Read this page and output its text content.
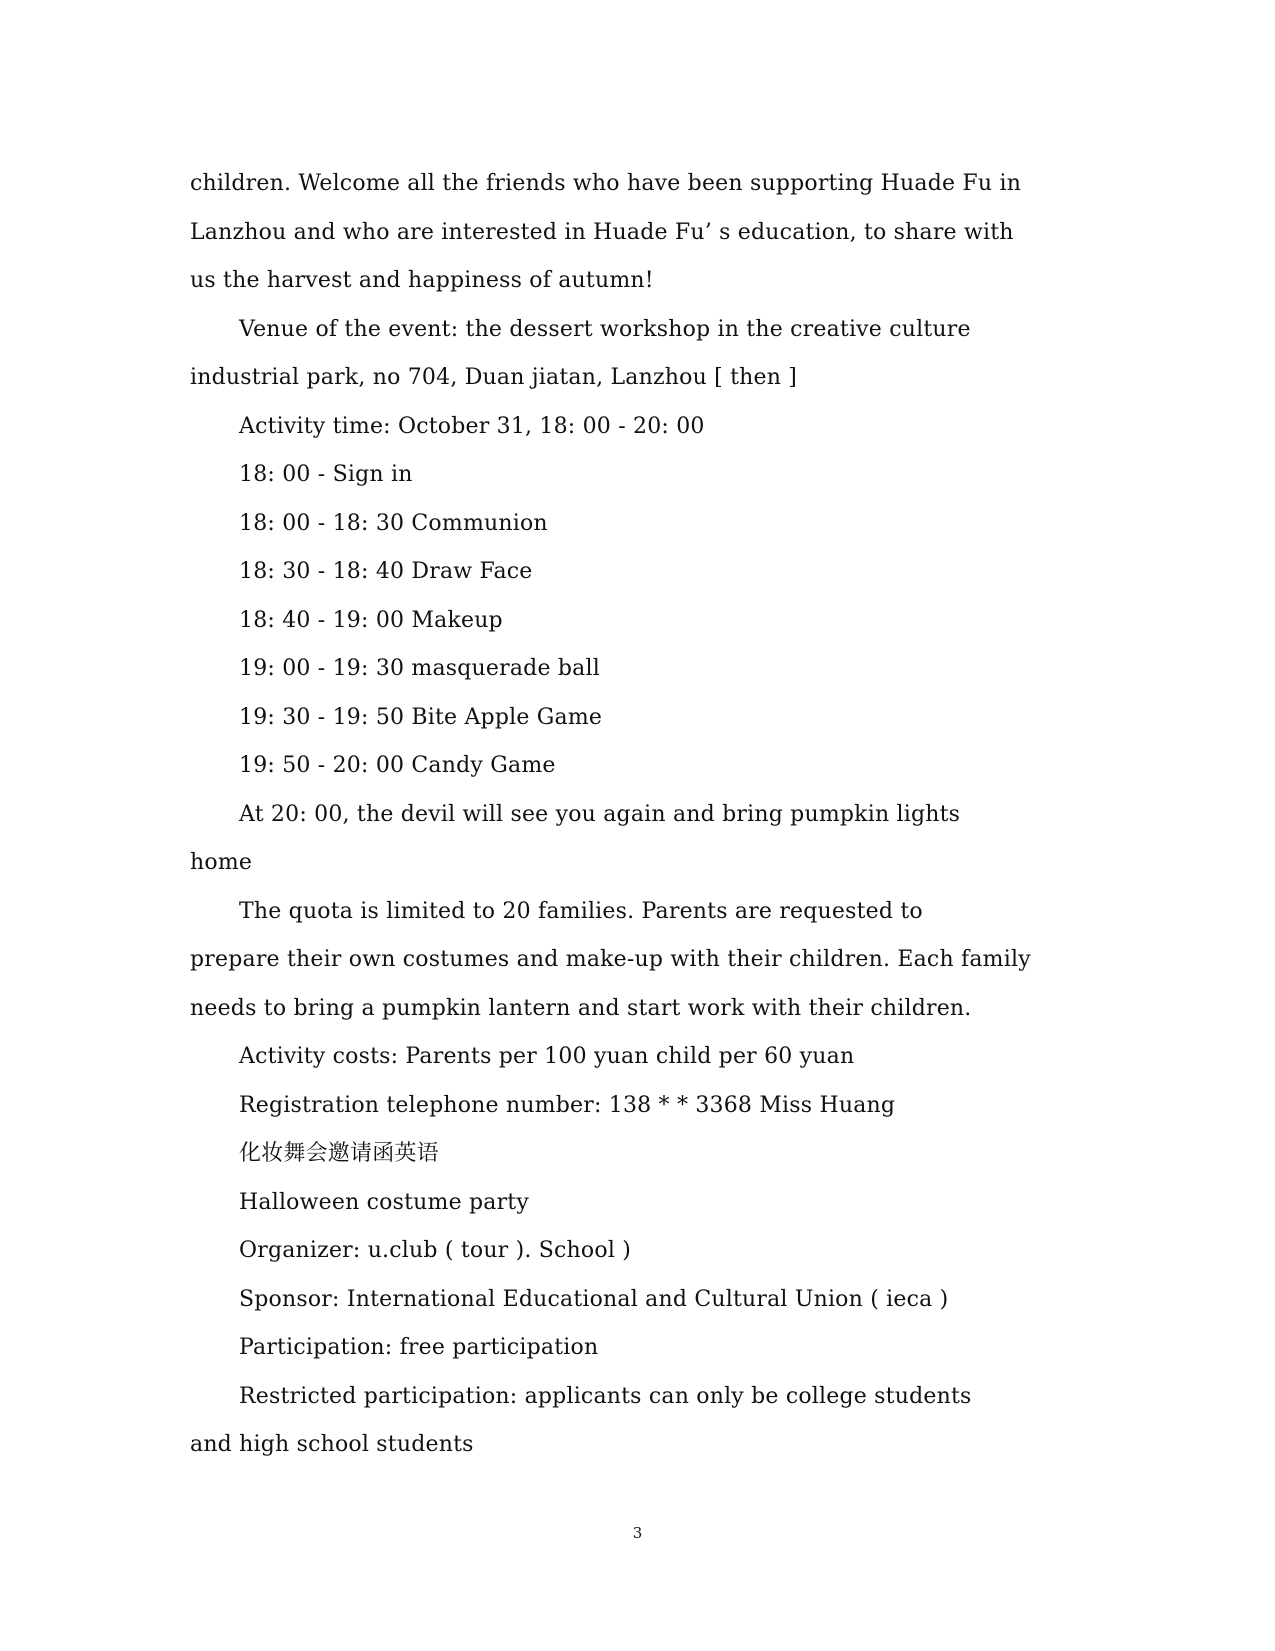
children. Welcome all the friends who have been supporting Huade Fu in
Lanzhou and who are interested in Huade Fu’ s education, to share with
us the harvest and happiness of autumn!
Venue of the event: the dessert workshop in the creative culture
industrial park, no 704, Duan jiatan, Lanzhou [ then ]
Activity time: October 31, 18: 00 - 20: 00
18: 00 - Sign in
18: 00 - 18: 30 Communion
18: 30 - 18: 40 Draw Face
18: 40 - 19: 00 Makeup
19: 00 - 19: 30 masquerade ball
19: 30 - 19: 50 Bite Apple Game
19: 50 - 20: 00 Candy Game
At 20: 00, the devil will see you again and bring pumpkin lights
home
The quota is limited to 20 families. Parents are requested to
prepare their own costumes and make-up with their children. Each family
needs to bring a pumpkin lantern and start work with their children.
Activity costs: Parents per 100 yuan child per 60 yuan
Registration telephone number: 138 * * 3368 Miss Huang
化妆舞会邀请函英语
Halloween costume party
Organizer: u.club ( tour ). School )
Sponsor: International Educational and Cultural Union ( ieca )
Participation: free participation
Restricted participation: applicants can only be college students
and high school students
3
